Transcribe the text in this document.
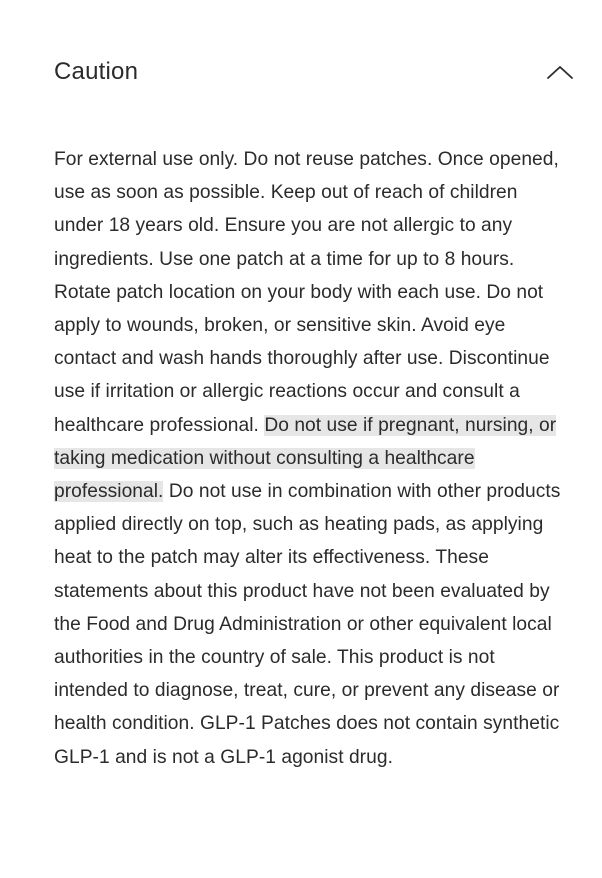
Caution
For external use only. Do not reuse patches. Once opened, use as soon as possible. Keep out of reach of children under 18 years old. Ensure you are not allergic to any ingredients. Use one patch at a time for up to 8 hours. Rotate patch location on your body with each use. Do not apply to wounds, broken, or sensitive skin. Avoid eye contact and wash hands thoroughly after use. Discontinue use if irritation or allergic reactions occur and consult a healthcare professional. Do not use if pregnant, nursing, or taking medication without consulting a healthcare professional. Do not use in combination with other products applied directly on top, such as heating pads, as applying heat to the patch may alter its effectiveness. These statements about this product have not been evaluated by the Food and Drug Administration or other equivalent local authorities in the country of sale. This product is not intended to diagnose, treat, cure, or prevent any disease or health condition. GLP-1 Patches does not contain synthetic GLP-1 and is not a GLP-1 agonist drug.
